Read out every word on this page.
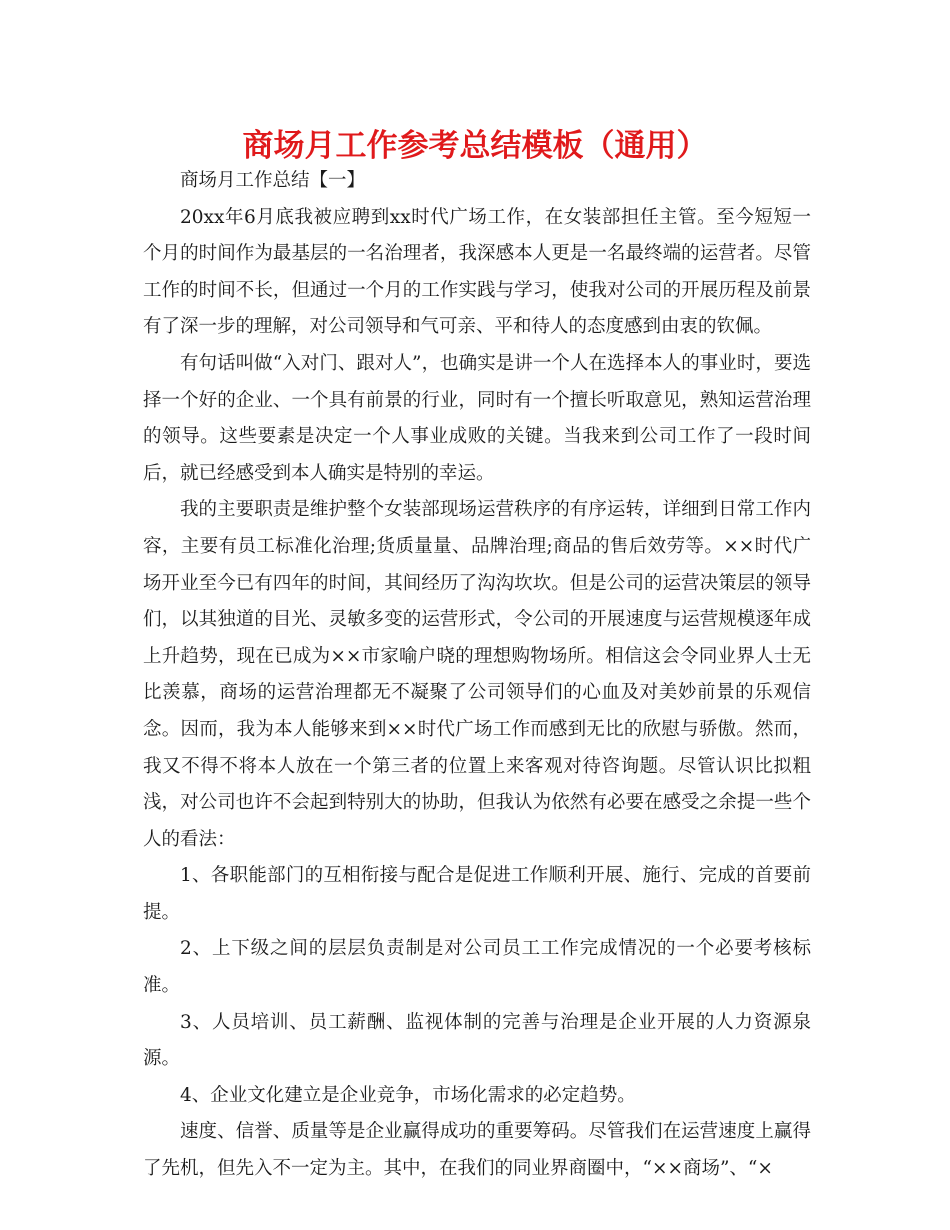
商场月工作参考总结模板（通用）

商场月工作总结【一】

20xx年6月底我被应聘到xx时代广场工作，在女装部担任主管。至今短短一个月的时间作为最基层的一名治理者，我深感本人更是一名最终端的运营者。尽管工作的时间不长，但通过一个月的工作实践与学习，使我对公司的开展历程及前景有了深一步的理解，对公司领导和气可亲、平和待人的态度感到由衷的钦佩。

有句话叫做“入对门、跟对人”，也确实是讲一个人在选择本人的事业时，要选择一个好的企业、一个具有前景的行业，同时有一个擅长听取意见，熟知运营治理的领导。这些要素是决定一个人事业成败的关键。当我来到公司工作了一段时间后，就已经感受到本人确实是特别的幸运。

我的主要职责是维护整个女装部现场运营秩序的有序运转，详细到日常工作内容，主要有员工标准化治理;货质量量、品牌治理;商品的售后效劳等。××时代广场开业至今已有四年的时间，其间经历了沟沟坎坎。但是公司的运营决策层的领导们，以其独道的目光、灵敏多变的运营形式，令公司的开展速度与运营规模逐年成上升趋势，现在已成为××市家喻户晓的理想购物场所。相信这会令同业界人士无比羡慕，商场的运营治理都无不凝聚了公司领导们的心血及对美妙前景的乐观信念。因而，我为本人能够来到××时代广场工作而感到无比的欣慰与骄傲。然而，我又不得不将本人放在一个第三者的位置上来客观对待咨询题。尽管认识比拟粗浅，对公司也许不会起到特别大的协助，但我认为依然有必要在感受之余提一些个人的看法：

1、各职能部门的互相衔接与配合是促进工作顺利开展、施行、完成的首要前提。

2、上下级之间的层层负责制是对公司员工工作完成情况的一个必要考核标准。

3、人员培训、员工薪酬、监视体制的完善与治理是企业开展的人力资源泉源。

4、企业文化建立是企业竞争，市场化需求的必定趋势。

速度、信誉、质量等是企业赢得成功的重要筹码。尽管我们在运营速度上赢得了先机，但先入不一定为主。其中，在我们的同业界商圈中，“××商场”、“×
